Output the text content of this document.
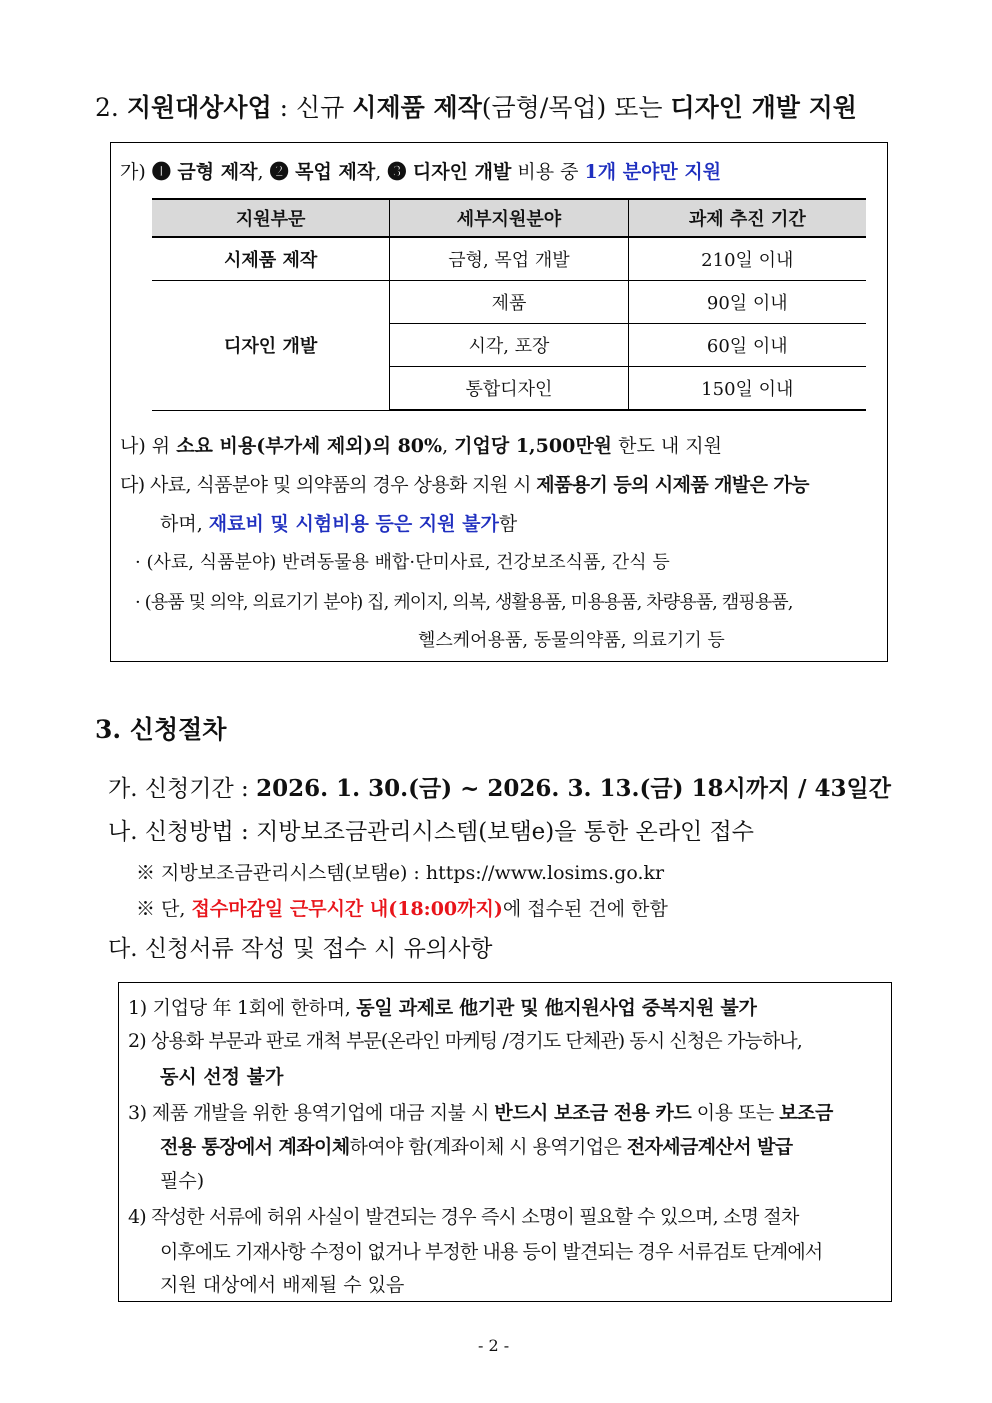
2. 지원대상사업 : 신규 시제품 제작(금형/목업) 또는 디자인 개발 지원
가) ❶ 금형 제작, ❷ 목업 제작, ❸ 디자인 개발 비용 중 1개 분야만 지원
지원부문	세부지원분야	과제 추진 기간
시제품 제작	금형, 목업 개발	210일 이내
디자인 개발	제품	90일 이내
	시각, 포장	60일 이내
	통합디자인	150일 이내
나) 위 소요 비용(부가세 제외)의 80%, 기업당 1,500만원 한도 내 지원
다) 사료, 식품분야 및 의약품의 경우 상용화 지원 시 제품용기 등의 시제품 개발은 가능
하며, 재료비 및 시험비용 등은 지원 불가함
· (사료, 식품분야) 반려동물용 배합·단미사료, 건강보조식품, 간식 등
· (용품 및 의약, 의료기기 분야) 집, 케이지, 의복, 생활용품, 미용용품, 차량용품, 캠핑용품,
헬스케어용품, 동물의약품, 의료기기 등
3. 신청절차
가. 신청기간 : 2026. 1. 30.(금) ~ 2026. 3. 13.(금) 18시까지 / 43일간
나. 신청방법 : 지방보조금관리시스템(보탬e)을 통한 온라인 접수
※ 지방보조금관리시스템(보탬e) : https://www.losims.go.kr
※ 단, 접수마감일 근무시간 내(18:00까지)에 접수된 건에 한함
다. 신청서류 작성 및 접수 시 유의사항
1) 기업당 年 1회에 한하며, 동일 과제로 他기관 및 他지원사업 중복지원 불가
2) 상용화 부문과 판로 개척 부문(온라인 마케팅 /경기도 단체관) 동시 신청은 가능하나,
동시 선정 불가
3) 제품 개발을 위한 용역기업에 대금 지불 시 반드시 보조금 전용 카드 이용 또는 보조금
전용 통장에서 계좌이체하여야 함(계좌이체 시 용역기업은 전자세금계산서 발급
필수)
4) 작성한 서류에 허위 사실이 발견되는 경우 즉시 소명이 필요할 수 있으며, 소명 절차
이후에도 기재사항 수정이 없거나 부정한 내용 등이 발견되는 경우 서류검토 단계에서
지원 대상에서 배제될 수 있음
- 2 -
